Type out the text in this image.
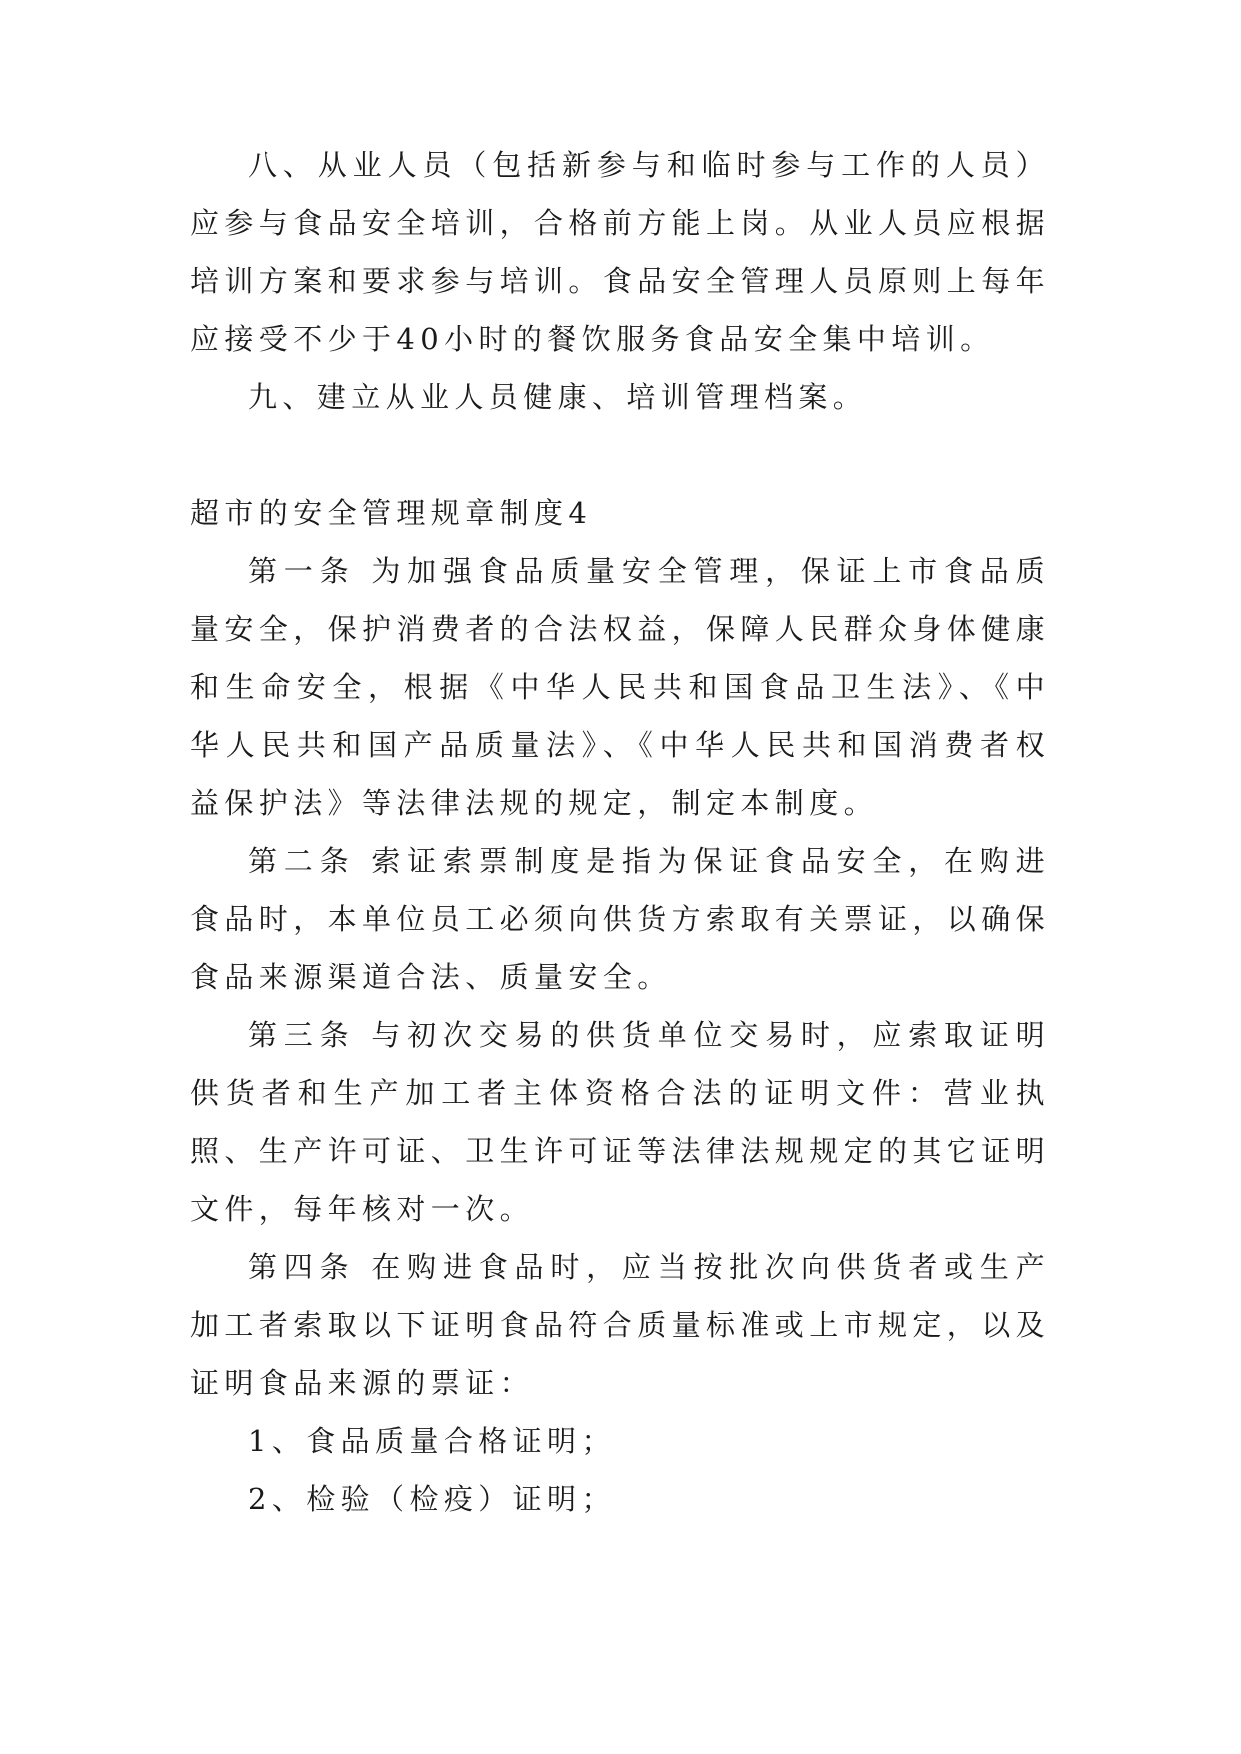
八、从业人员（包括新参与和临时参与工作的人员）应参与食品安全培训，合格前方能上岗。从业人员应根据培训方案和要求参与培训。食品安全管理人员原则上每年应接受不少于40小时的餐饮服务食品安全集中培训。

九、建立从业人员健康、培训管理档案。

超市的安全管理规章制度4

第一条 为加强食品质量安全管理，保证上市食品质量安全，保护消费者的合法权益，保障人民群众身体健康和生命安全，根据《中华人民共和国食品卫生法》、《中华人民共和国产品质量法》、《中华人民共和国消费者权益保护法》等法律法规的规定，制定本制度。

第二条 索证索票制度是指为保证食品安全，在购进食品时，本单位员工必须向供货方索取有关票证，以确保食品来源渠道合法、质量安全。

第三条 与初次交易的供货单位交易时，应索取证明供货者和生产加工者主体资格合法的证明文件：营业执照、生产许可证、卫生许可证等法律法规规定的其它证明文件，每年核对一次。

第四条 在购进食品时，应当按批次向供货者或生产加工者索取以下证明食品符合质量标准或上市规定，以及证明食品来源的票证：

1、食品质量合格证明；

2、检验（检疫）证明；
